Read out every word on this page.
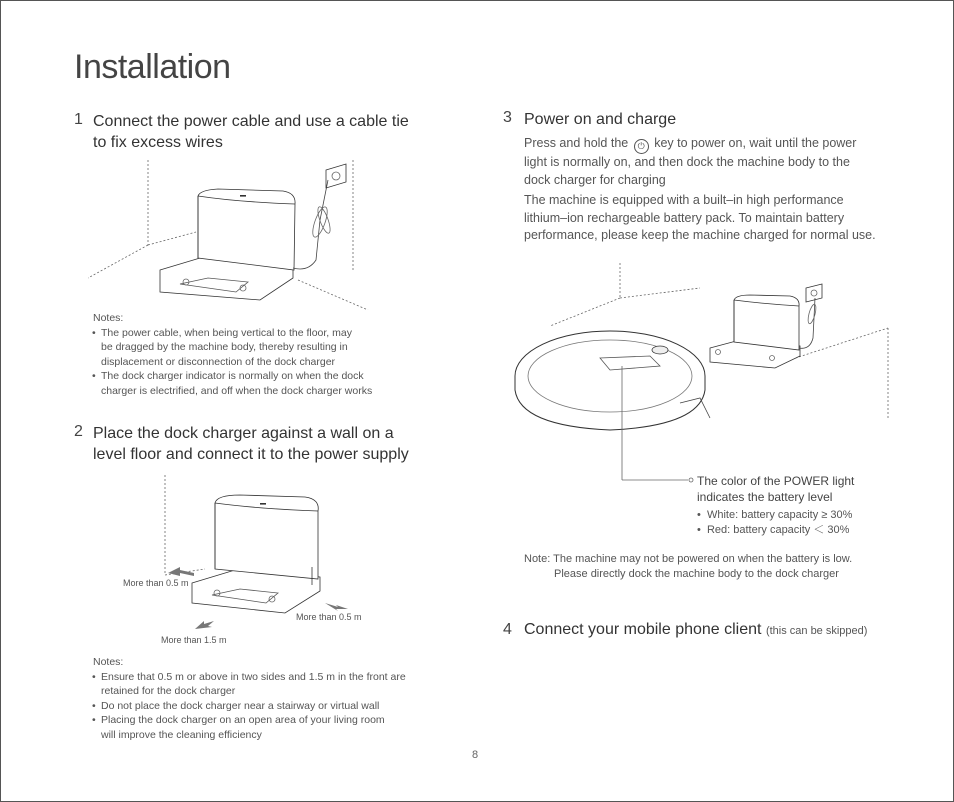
Installation
1 Connect the power cable and use a cable tie
to fix excess wires
Notes:
• The power cable, when being vertical to the floor, may
be dragged by the machine body, thereby resulting in
displacement or disconnection of the dock charger
• The dock charger indicator is normally on when the dock
charger is electrified, and off when the dock charger works
2 Place the dock charger against a wall on a
level floor and connect it to the power supply
More than 0.5 m
More than 0.5 m
More than 1.5 m
Notes:
• Ensure that 0.5 m or above in two sides and 1.5 m in the front are
retained for the dock charger
• Do not place the dock charger near a stairway or virtual wall
• Placing the dock charger on an open area of your living room
will improve the cleaning efficiency
3 Power on and charge
Press and hold the ⏻ key to power on, wait until the power
light is normally on, and then dock the machine body to the
dock charger for charging
The machine is equipped with a built–in high performance
lithium–ion rechargeable battery pack. To maintain battery
performance, please keep the machine charged for normal use.
The color of the POWER light
indicates the battery level
•  White: battery capacity ≥ 30%
•  Red: battery capacity ＜ 30%
Note: The machine may not be powered on when the battery is low.
Please directly dock the machine body to the dock charger
4 Connect your mobile phone client (this can be skipped)
8
